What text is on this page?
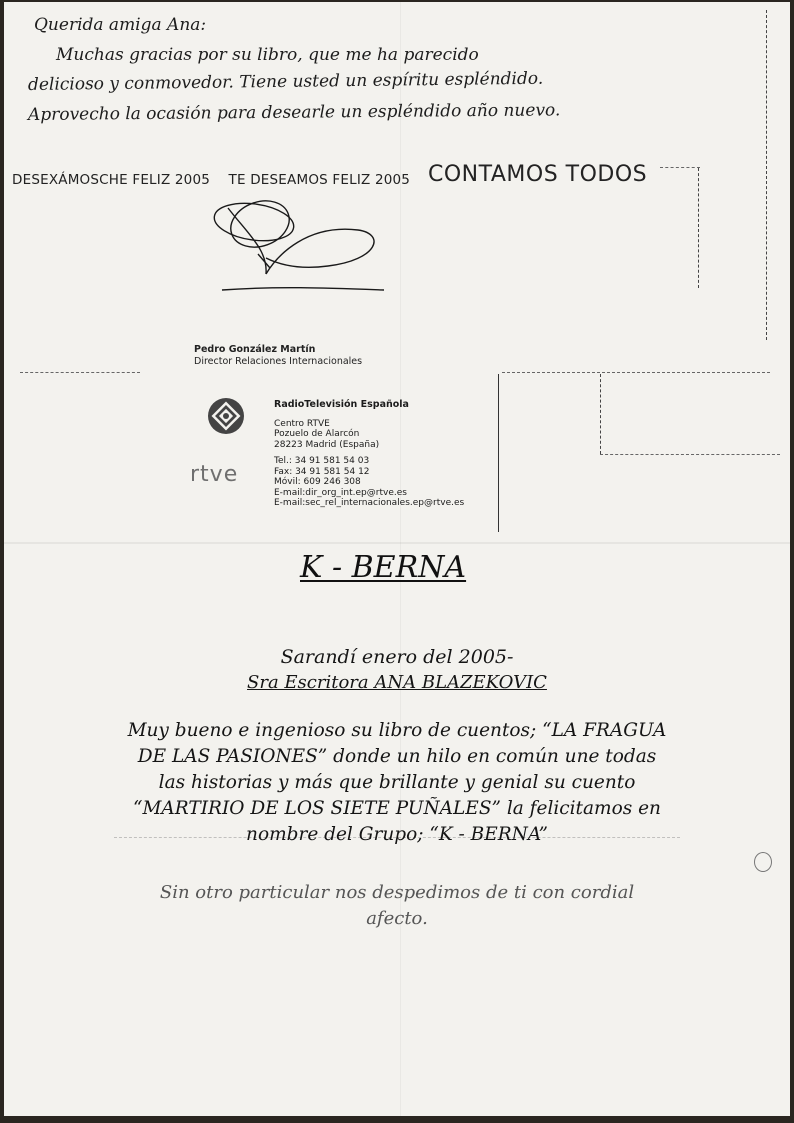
Querida amiga Ana:
Muchas gracias por su libro, que me ha parecido
delicioso y conmovedor. Tiene usted un espíritu espléndido.
Aprovecho la ocasión para desearle un espléndido año nuevo.
DESEXÁMOSCHE FELIZ 2005 TE DESEAMOS FELIZ 2005 CONTAMOS TODOS
Pedro González Martín
Director Relaciones Internacionales
rtve
RadioTelevisión Española
Centro RTVE
Pozuelo de Alarcón
28223 Madrid (España)
Tel.: 34 91 581 54 03
Fax: 34 91 581 54 12
Móvil: 609 246 308
E-mail:dir_org_int.ep@rtve.es
E-mail:sec_rel_internacionales.ep@rtve.es
K - BERNA
Sarandí enero del 2005-
Sra Escritora ANA BLAZEKOVIC
Muy bueno e ingenioso su libro de cuentos; “LA FRAGUA
DE LAS PASIONES” donde un hilo en común une todas
las historias y más que brillante y genial su cuento
“MARTIRIO DE LOS SIETE PUÑALES” la felicitamos en
nombre del Grupo; “K - BERNA”
Sin otro particular nos despedimos de ti con cordial
afecto.
